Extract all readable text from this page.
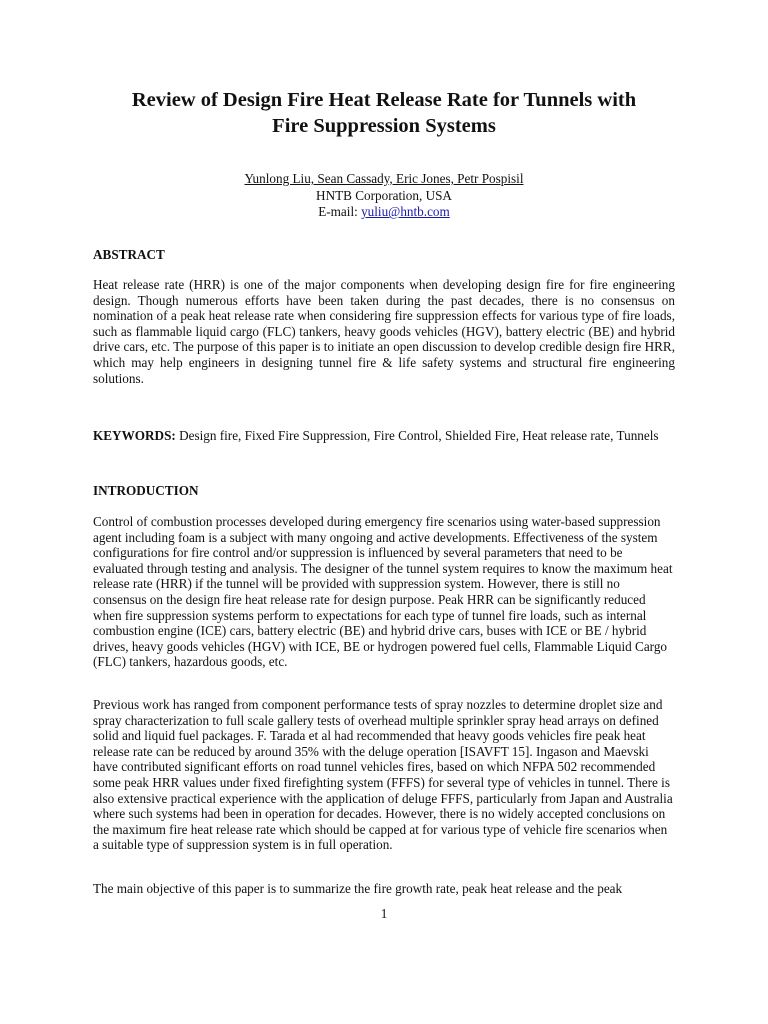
Review of Design Fire Heat Release Rate for Tunnels with
Fire Suppression Systems
Yunlong Liu, Sean Cassady, Eric Jones, Petr Pospisil
HNTB Corporation, USA
E-mail: yuliu@hntb.com
ABSTRACT

Heat release rate (HRR) is one of the major components when developing design fire for fire engineering design. Though numerous efforts have been taken during the past decades, there is no consensus on nomination of a peak heat release rate when considering fire suppression effects for various type of fire loads, such as flammable liquid cargo (FLC) tankers, heavy goods vehicles (HGV), battery electric (BE) and hybrid drive cars, etc. The purpose of this paper is to initiate an open discussion to develop credible design fire HRR, which may help engineers in designing tunnel fire & life safety systems and structural fire engineering solutions.

KEYWORDS: Design fire, Fixed Fire Suppression, Fire Control, Shielded Fire, Heat release rate, Tunnels

INTRODUCTION

Control of combustion processes developed during emergency fire scenarios using water-based suppression agent including foam is a subject with many ongoing and active developments. Effectiveness of the system configurations for fire control and/or suppression is influenced by several parameters that need to be evaluated through testing and analysis. The designer of the tunnel system requires to know the maximum heat release rate (HRR) if the tunnel will be provided with suppression system. However, there is still no consensus on the design fire heat release rate for design purpose. Peak HRR can be significantly reduced when fire suppression systems perform to expectations for each type of tunnel fire loads, such as internal combustion engine (ICE) cars, battery electric (BE) and hybrid drive cars, buses with ICE or BE / hybrid drives, heavy goods vehicles (HGV) with ICE, BE or hydrogen powered fuel cells, Flammable Liquid Cargo (FLC) tankers, hazardous goods, etc.

Previous work has ranged from component performance tests of spray nozzles to determine droplet size and spray characterization to full scale gallery tests of overhead multiple sprinkler spray head arrays on defined solid and liquid fuel packages. F. Tarada et al had recommended that heavy goods vehicles fire peak heat release rate can be reduced by around 35% with the deluge operation [ISAVFT 15]. Ingason and Maevski have contributed significant efforts on road tunnel vehicles fires, based on which NFPA 502 recommended some peak HRR values under fixed firefighting system (FFFS) for several type of vehicles in tunnel. There is also extensive practical experience with the application of deluge FFFS, particularly from Japan and Australia where such systems had been in operation for decades. However, there is no widely accepted conclusions on the maximum fire heat release rate which should be capped at for various type of vehicle fire scenarios when a suitable type of suppression system is in full operation.

The main objective of this paper is to summarize the fire growth rate, peak heat release and the peak

1
